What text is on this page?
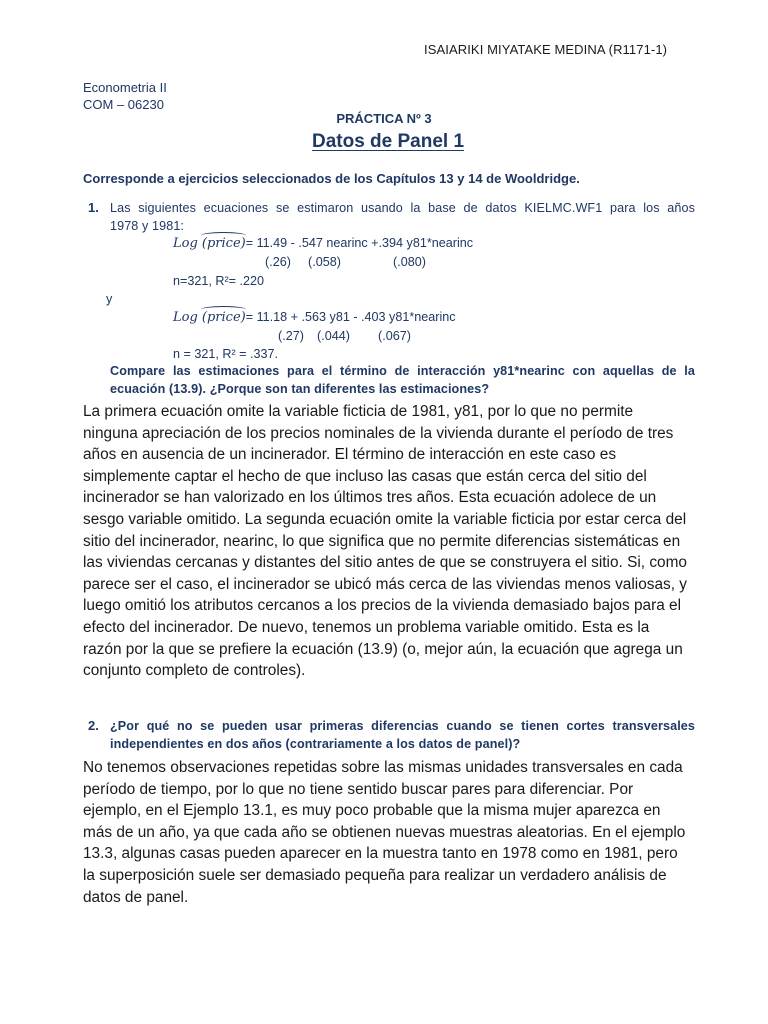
ISAIARIKI MIYATAKE MEDINA (R1171-1)
Econometria II
COM – 06230
PRÁCTICA Nº 3
Datos de Panel 1
Corresponde a ejercicios seleccionados de los Capítulos 13 y 14 de Wooldridge.
1. Las siguientes ecuaciones se estimaron usando la base de datos KIELMC.WF1 para los años
1978 y 1981:
Log (price)= 11.49 - .547 nearinc +.394 y81*nearinc
(.26) (.058)	(.080)
n=321, R²= .220
y
Log (price)= 11.18 + .563 y81 - .403 y81*nearinc
(.27) (.044) (.067)
n = 321, R² = .337.
Compare las estimaciones para el término de interacción y81*nearinc con aquellas de la
ecuación (13.9). ¿Porque son tan diferentes las estimaciones?
La primera ecuación omite la variable ficticia de 1981, y81, por lo que no permite
ninguna apreciación de los precios nominales de la vivienda durante el período de tres
años en ausencia de un incinerador. El término de interacción en este caso es
simplemente captar el hecho de que incluso las casas que están cerca del sitio del
incinerador se han valorizado en los últimos tres años. Esta ecuación adolece de un
sesgo variable omitido. La segunda ecuación omite la variable ficticia por estar cerca del
sitio del incinerador, nearinc, lo que significa que no permite diferencias sistemáticas en
las viviendas cercanas y distantes del sitio antes de que se construyera el sitio. Si, como
parece ser el caso, el incinerador se ubicó más cerca de las viviendas menos valiosas, y
luego omitió los atributos cercanos a los precios de la vivienda demasiado bajos para el
efecto del incinerador. De nuevo, tenemos un problema variable omitido. Esta es la
razón por la que se prefiere la ecuación (13.9) (o, mejor aún, la ecuación que agrega un
conjunto completo de controles).
2. ¿Por qué no se pueden usar primeras diferencias cuando se tienen cortes transversales
independientes en dos años (contrariamente a los datos de panel)?
No tenemos observaciones repetidas sobre las mismas unidades transversales en cada
período de tiempo, por lo que no tiene sentido buscar pares para diferenciar. Por
ejemplo, en el Ejemplo 13.1, es muy poco probable que la misma mujer aparezca en
más de un año, ya que cada año se obtienen nuevas muestras aleatorias. En el ejemplo
13.3, algunas casas pueden aparecer en la muestra tanto en 1978 como en 1981, pero
la superposición suele ser demasiado pequeña para realizar un verdadero análisis de
datos de panel.
